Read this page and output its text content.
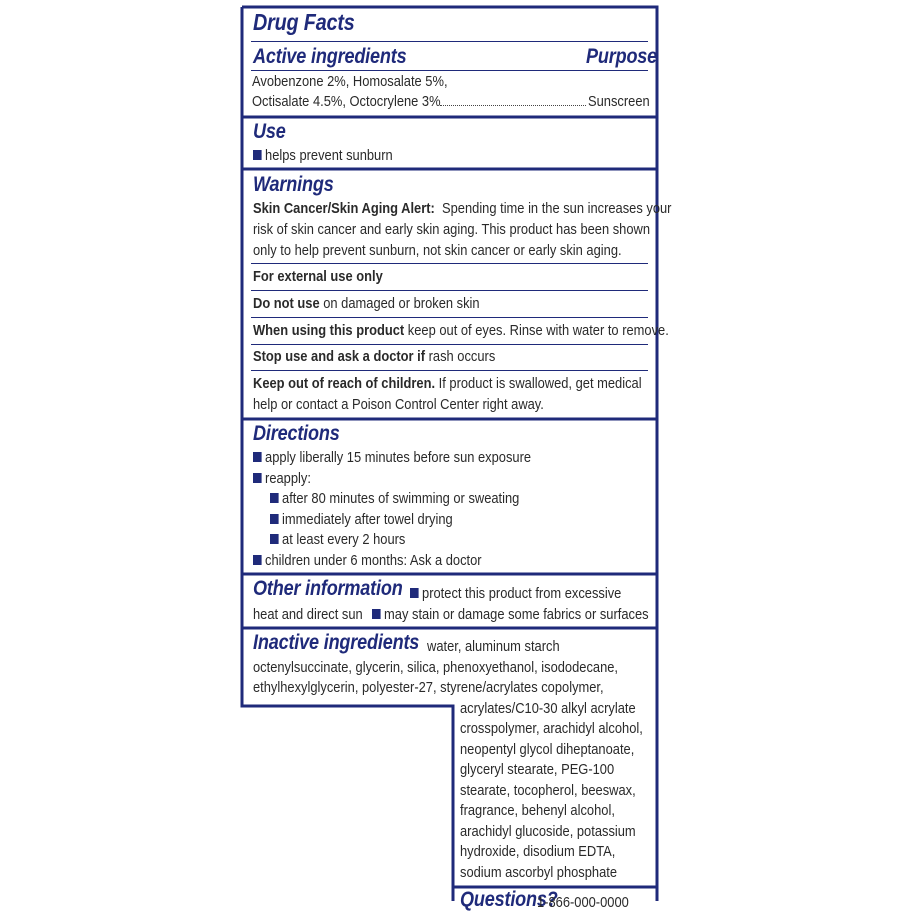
Drug Facts
Active ingredients	Purpose
Avobenzone 2%, Homosalate 5%,
Octisalate 4.5%, Octocrylene 3%	Sunscreen
Use
helps prevent sunburn
Warnings
Skin Cancer/Skin Aging Alert: Spending time in the sun increases your
risk of skin cancer and early skin aging. This product has been shown
only to help prevent sunburn, not skin cancer or early skin aging.
For external use only
Do not use on damaged or broken skin
When using this product keep out of eyes. Rinse with water to remove.
Stop use and ask a doctor if rash occurs
Keep out of reach of children. If product is swallowed, get medical
help or contact a Poison Control Center right away.
Directions
apply liberally 15 minutes before sun exposure
reapply:
after 80 minutes of swimming or sweating
immediately after towel drying
at least every 2 hours
children under 6 months: Ask a doctor
Other information	protect this product from excessive
heat and direct sun	may stain or damage some fabrics or surfaces
Inactive ingredients water, aluminum starch
octenylsuccinate, glycerin, silica, phenoxyethanol, isododecane,
ethylhexylglycerin, polyester-27, styrene/acrylates copolymer,
acrylates/C10-30 alkyl acrylate
crosspolymer, arachidyl alcohol,
neopentyl glycol diheptanoate,
glyceryl stearate, PEG-100
stearate, tocopherol, beeswax,
fragrance, behenyl alcohol,
arachidyl glucoside, potassium
hydroxide, disodium EDTA,
sodium ascorbyl phosphate
Questions?
1-866-000-0000
